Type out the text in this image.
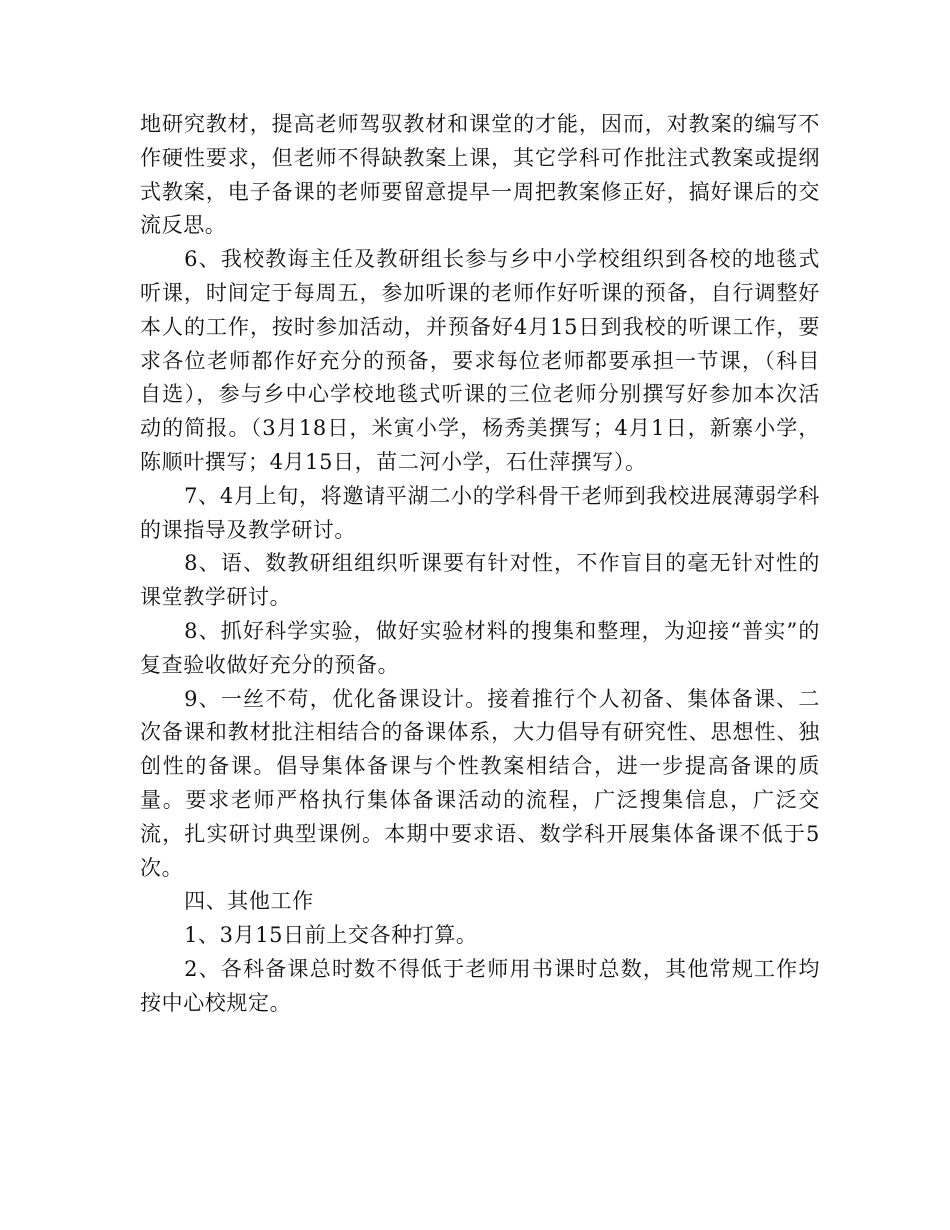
地研究教材，提高老师驾驭教材和课堂的才能，因而，对教案的编写不作硬性要求，但老师不得缺教案上课，其它学科可作批注式教案或提纲式教案，电子备课的老师要留意提早一周把教案修正好，搞好课后的交流反思。

6、我校教诲主任及教研组长参与乡中小学校组织到各校的地毯式听课，时间定于每周五，参加听课的老师作好听课的预备，自行调整好本人的工作，按时参加活动，并预备好4月15日到我校的听课工作，要求各位老师都作好充分的预备，要求每位老师都要承担一节课，（科目自选），参与乡中心学校地毯式听课的三位老师分别撰写好参加本次活动的简报。（3月18日，米寅小学，杨秀美撰写；4月1日，新寨小学，陈顺叶撰写；4月15日，苗二河小学，石仕萍撰写）。

7、4月上旬，将邀请平湖二小的学科骨干老师到我校进展薄弱学科的课指导及教学研讨。

8、语、数教研组组织听课要有针对性，不作盲目的毫无针对性的课堂教学研讨。

8、抓好科学实验，做好实验材料的搜集和整理，为迎接“普实”的复查验收做好充分的预备。

9、一丝不苟，优化备课设计。接着推行个人初备、集体备课、二次备课和教材批注相结合的备课体系，大力倡导有研究性、思想性、独创性的备课。倡导集体备课与个性教案相结合，进一步提高备课的质量。要求老师严格执行集体备课活动的流程，广泛搜集信息，广泛交流，扎实研讨典型课例。本期中要求语、数学科开展集体备课不低于5次。

四、其他工作

1、3月15日前上交各种打算。

2、各科备课总时数不得低于老师用书课时总数，其他常规工作均按中心校规定。
